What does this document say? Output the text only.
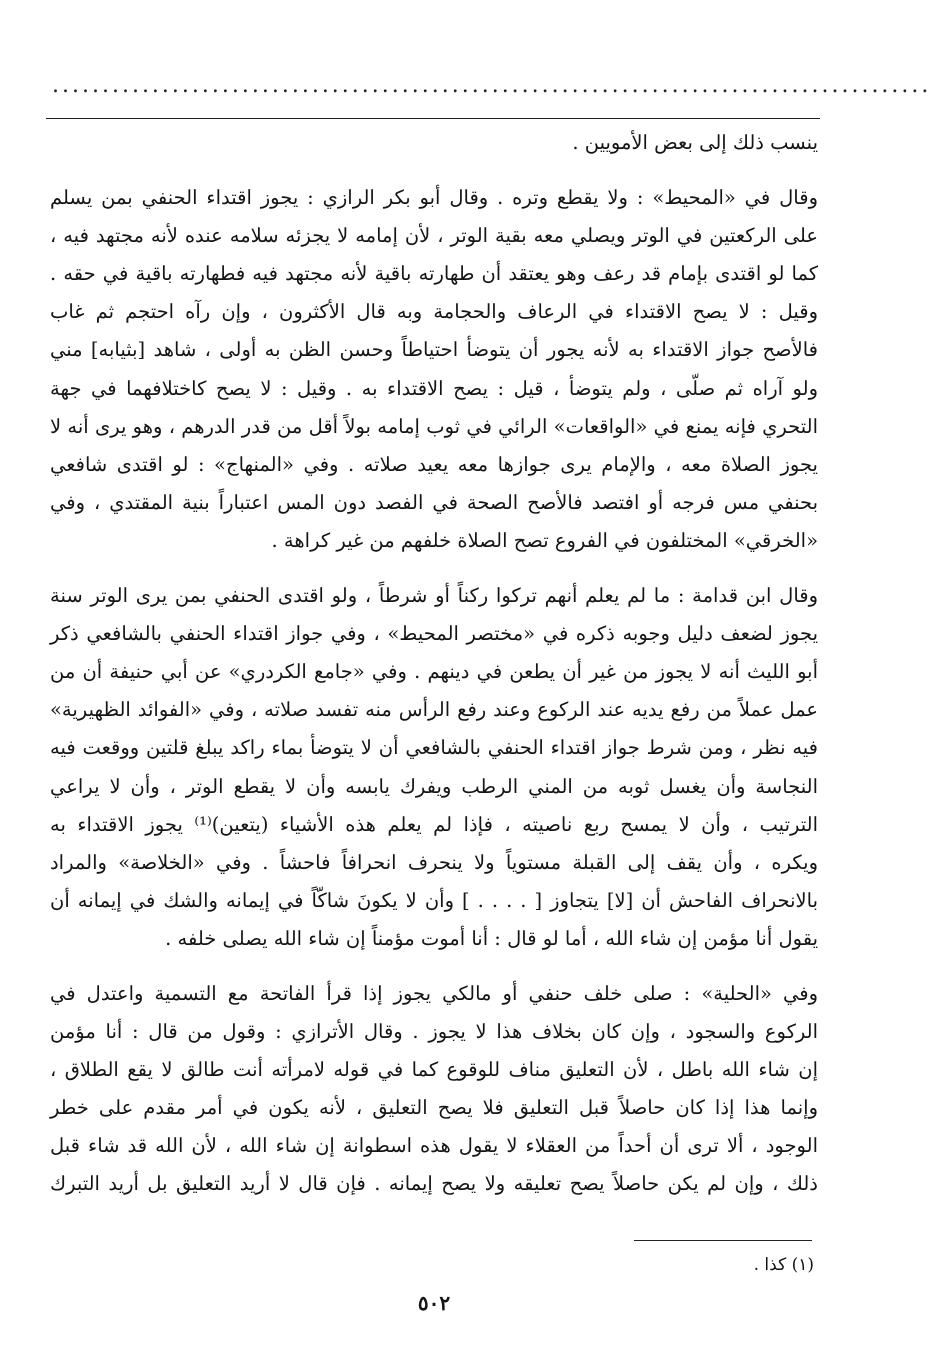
........................................................................................
ينسب ذلك إلى بعض الأمويين .
وقال في «المحيط» : ولا يقطع وتره . وقال أبو بكر الرازي : يجوز اقتداء الحنفي بمن يسلم
على الركعتين في الوتر ويصلي معه بقية الوتر ، لأن إمامه لا يجزئه سلامه عنده لأنه مجتهد فيه ،
كما لو اقتدى بإمام قد رعف وهو يعتقد أن طهارته باقية لأنه مجتهد فيه فطهارته باقية في حقه .
وقيل : لا يصح الاقتداء في الرعاف والحجامة وبه قال الأكثرون ، وإن رآه احتجم ثم غاب
فالأصح جواز الاقتداء به لأنه يجور أن يتوضأ احتياطاً وحسن الظن به أولى ، شاهد [بثيابه] مني
ولو آراه ثم صلّى ، ولم يتوضأ ، قيل : يصح الاقتداء به . وقيل : لا يصح كاختلافهما في جهة
التحري فإنه يمنع في «الواقعات» الرائي في ثوب إمامه بولاً أقل من قدر الدرهم ، وهو يرى أنه لا
يجوز الصلاة معه ، والإمام يرى جوازها معه يعيد صلاته . وفي «المنهاج» : لو اقتدى شافعي
بحنفي مس فرجه أو افتصد فالأصح الصحة في الفصد دون المس اعتباراً بنية المقتدي ، وفي
«الخرقي» المختلفون في الفروع تصح الصلاة خلفهم من غير كراهة .
وقال ابن قدامة : ما لم يعلم أنهم تركوا ركناً أو شرطاً ، ولو اقتدى الحنفي بمن يرى الوتر سنة
يجوز لضعف دليل وجوبه ذكره في «مختصر المحيط» ، وفي جواز اقتداء الحنفي بالشافعي ذكر
أبو الليث أنه لا يجوز من غير أن يطعن في دينهم . وفي «جامع الكردري» عن أبي حنيفة أن من
عمل عملاً من رفع يديه عند الركوع وعند رفع الرأس منه تفسد صلاته ، وفي «الفوائد الظهيرية»
فيه نظر ، ومن شرط جواز اقتداء الحنفي بالشافعي أن لا يتوضأ بماء راكد يبلغ قلتين ووقعت فيه
النجاسة وأن يغسل ثوبه من المني الرطب ويفرك يابسه وأن لا يقطع الوتر ، وأن لا يراعي
الترتيب ، وأن لا يمسح ربع ناصيته ، فإذا لم يعلم هذه الأشياء (يتعين)⁽¹⁾ يجوز الاقتداء به
ويكره ، وأن يقف إلى القبلة مستوياً ولا ينحرف انحرافاً فاحشاً . وفي «الخلاصة» والمراد
بالانحراف الفاحش أن [لا] يتجاوز [ . . . . ] وأن لا يكونَ شاكّاً في إيمانه والشك في إيمانه أن
يقول أنا مؤمن إن شاء الله ، أما لو قال : أنا أموت مؤمناً إن شاء الله يصلى خلفه .
وفي «الحلية» : صلى خلف حنفي أو مالكي يجوز إذا قرأ الفاتحة مع التسمية واعتدل في
الركوع والسجود ، وإن كان بخلاف هذا لا يجوز . وقال الأترازي : وقول من قال : أنا مؤمن
إن شاء الله باطل ، لأن التعليق مناف للوقوع كما في قوله لامرأته أنت طالق لا يقع الطلاق ،
وإنما هذا إذا كان حاصلاً قبل التعليق فلا يصح التعليق ، لأنه يكون في أمر مقدم على خطر
الوجود ، ألا ترى أن أحداً من العقلاء لا يقول هذه اسطوانة إن شاء الله ، لأن الله قد شاء قبل
ذلك ، وإن لم يكن حاصلاً يصح تعليقه ولا يصح إيمانه . فإن قال لا أريد التعليق بل أريد التبرك
(١) كذا .
٥٠٢
